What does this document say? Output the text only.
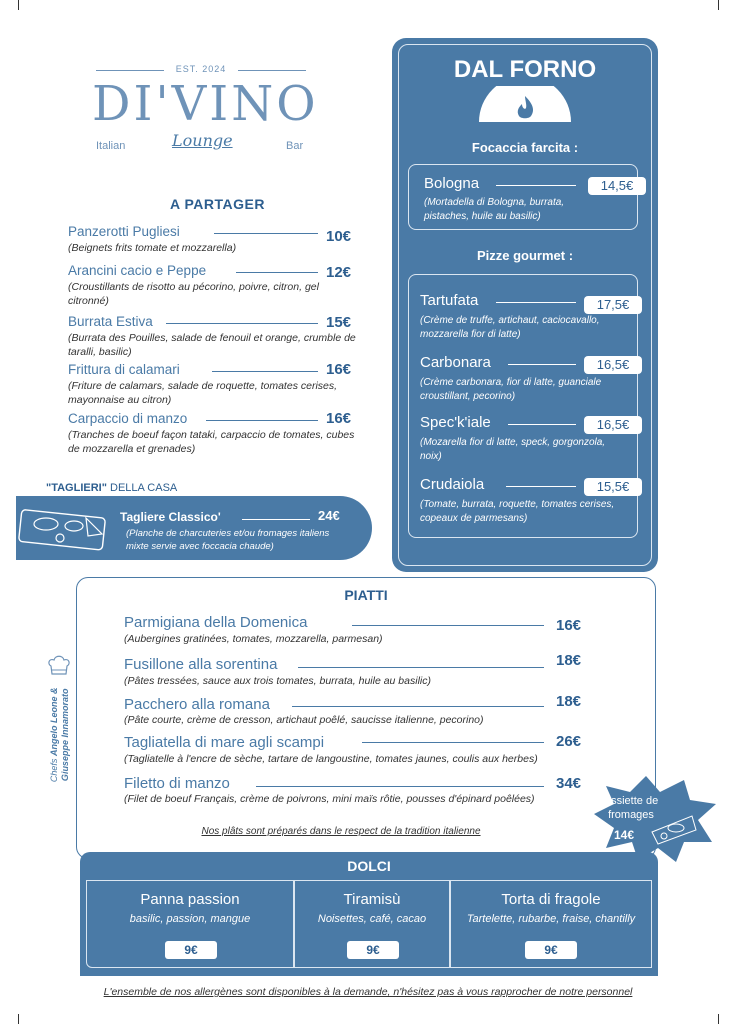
EST. 2024
DI'VINO
Italian	Lounge	Bar
A PARTAGER
Panzerotti Pugliesi	10€
(Beignets frits tomate et mozzarella)
Arancini cacio e Peppe	12€
(Croustillants de risotto au pécorino, poivre, citron, gel citronné)
Burrata Estiva	15€
(Burrata des Pouilles, salade de fenouil et orange, crumble de taralli, basilic)
Frittura di calamari	16€
(Friture de calamars, salade de roquette, tomates cerises, mayonnaise au citron)
Carpaccio di manzo	16€
(Tranches de boeuf façon tataki, carpaccio de tomates, cubes de mozzarella et grenades)
"TAGLIERI" DELLA CASA
Tagliere Classico'	24€
(Planche de charcuteries et/ou fromages italiens mixte servie avec foccacia chaude)
DAL FORNO
Focaccia farcita :
Bologna	14,5€
(Mortadella di Bologna, burrata, pistaches, huile au basilic)
Pizze gourmet :
Tartufata	17,5€
(Crème de truffe, artichaut, caciocavallo, mozzarella fior di latte)
Carbonara	16,5€
(Crème carbonara, fior di latte, guanciale croustillant, pecorino)
Spec'k'iale	16,5€
(Mozarella fior di latte, speck, gorgonzola, noix)
Crudaiola	15,5€
(Tomate, burrata, roquette, tomates cerises, copeaux de parmesans)
PIATTI
Parmigiana della Domenica	16€
(Aubergines gratinées, tomates, mozzarella, parmesan)
Fusillone alla sorentina	18€
(Pâtes tressées, sauce aux trois tomates, burrata, huile au basilic)
Pacchero alla romana	18€
(Pâte courte, crème de cresson, artichaut poêlé, saucisse italienne, pecorino)
Tagliatella di mare agli scampi	26€
(Tagliatelle à l'encre de sèche, tartare de langoustine, tomates jaunes, coulis aux herbes)
Filetto di manzo	34€
(Filet de boeuf Français, crème de poivrons, mini maïs rôtie, pousses d'épinard poêlées)
Nos plâts sont préparés dans le respect de la tradition italienne
Chefs Angelo Leone & Giuseppe Innamorato
Assiette de
fromages
14€
DOLCI
Panna passion
basilic, passion, mangue
9€
Tiramisù
Noisettes, café, cacao
9€
Torta di fragole
Tartelette, rubarbe, fraise, chantilly
9€
L'ensemble de nos allergènes sont disponibles à la demande, n'hésitez pas à vous rapprocher de notre personnel
